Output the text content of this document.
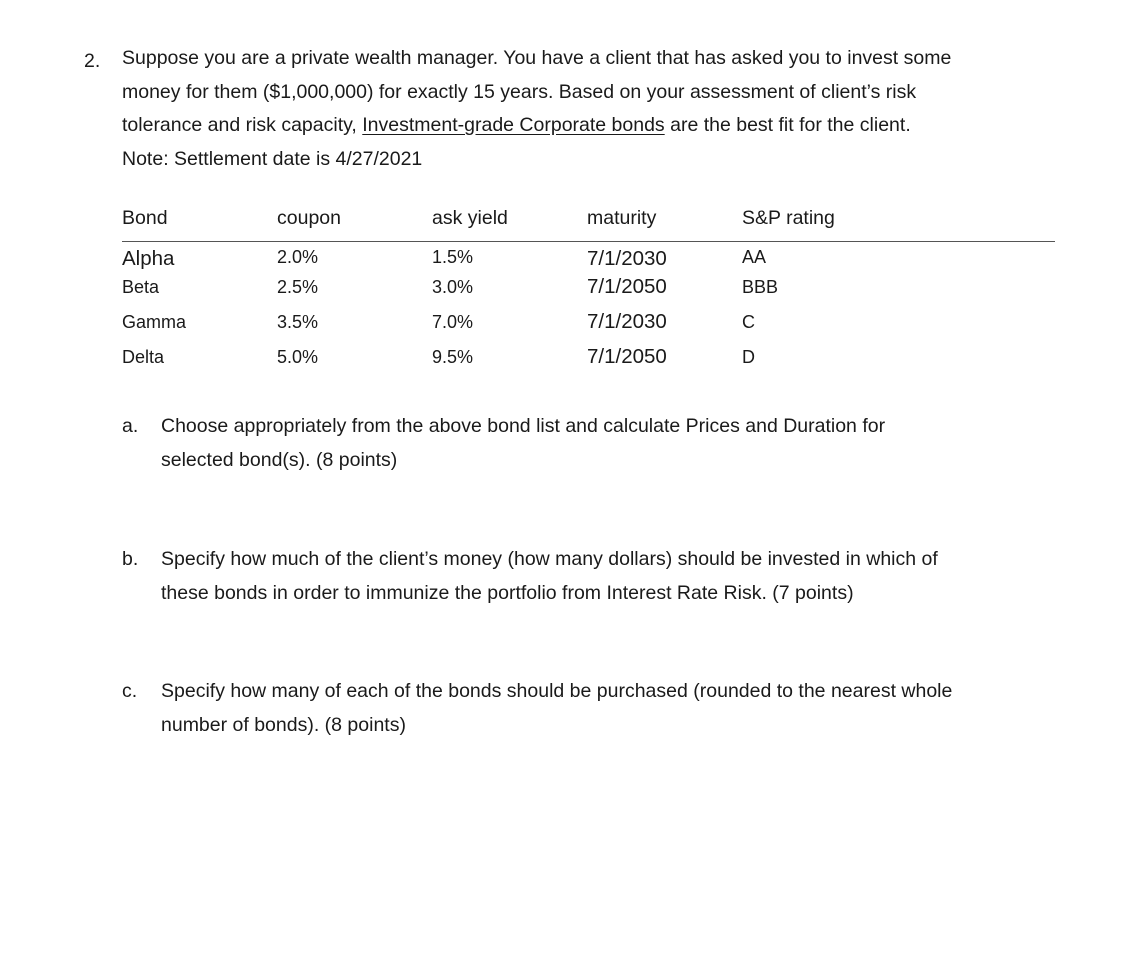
2. Suppose you are a private wealth manager. You have a client that has asked you to invest some

money for them ($1,000,000) for exactly 15 years. Based on your assessment of client’s risk

tolerance and risk capacity, Investment-grade Corporate bonds are the best fit for the client.

Note: Settlement date is 4/27/2021

Bond	coupon	ask yield	maturity	S&P rating
Alpha	2.0%	1.5%	7/1/2030	AA
Beta	2.5%	3.0%	7/1/2050	BBB
Gamma	3.5%	7.0%	7/1/2030	C
Delta	5.0%	9.5%	7/1/2050	D
a. Choose appropriately from the above bond list and calculate Prices and Duration for

selected bond(s). (8 points)

b. Specify how much of the client’s money (how many dollars) should be invested in which of

these bonds in order to immunize the portfolio from Interest Rate Risk. (7 points)

c. Specify how many of each of the bonds should be purchased (rounded to the nearest whole

number of bonds). (8 points)
